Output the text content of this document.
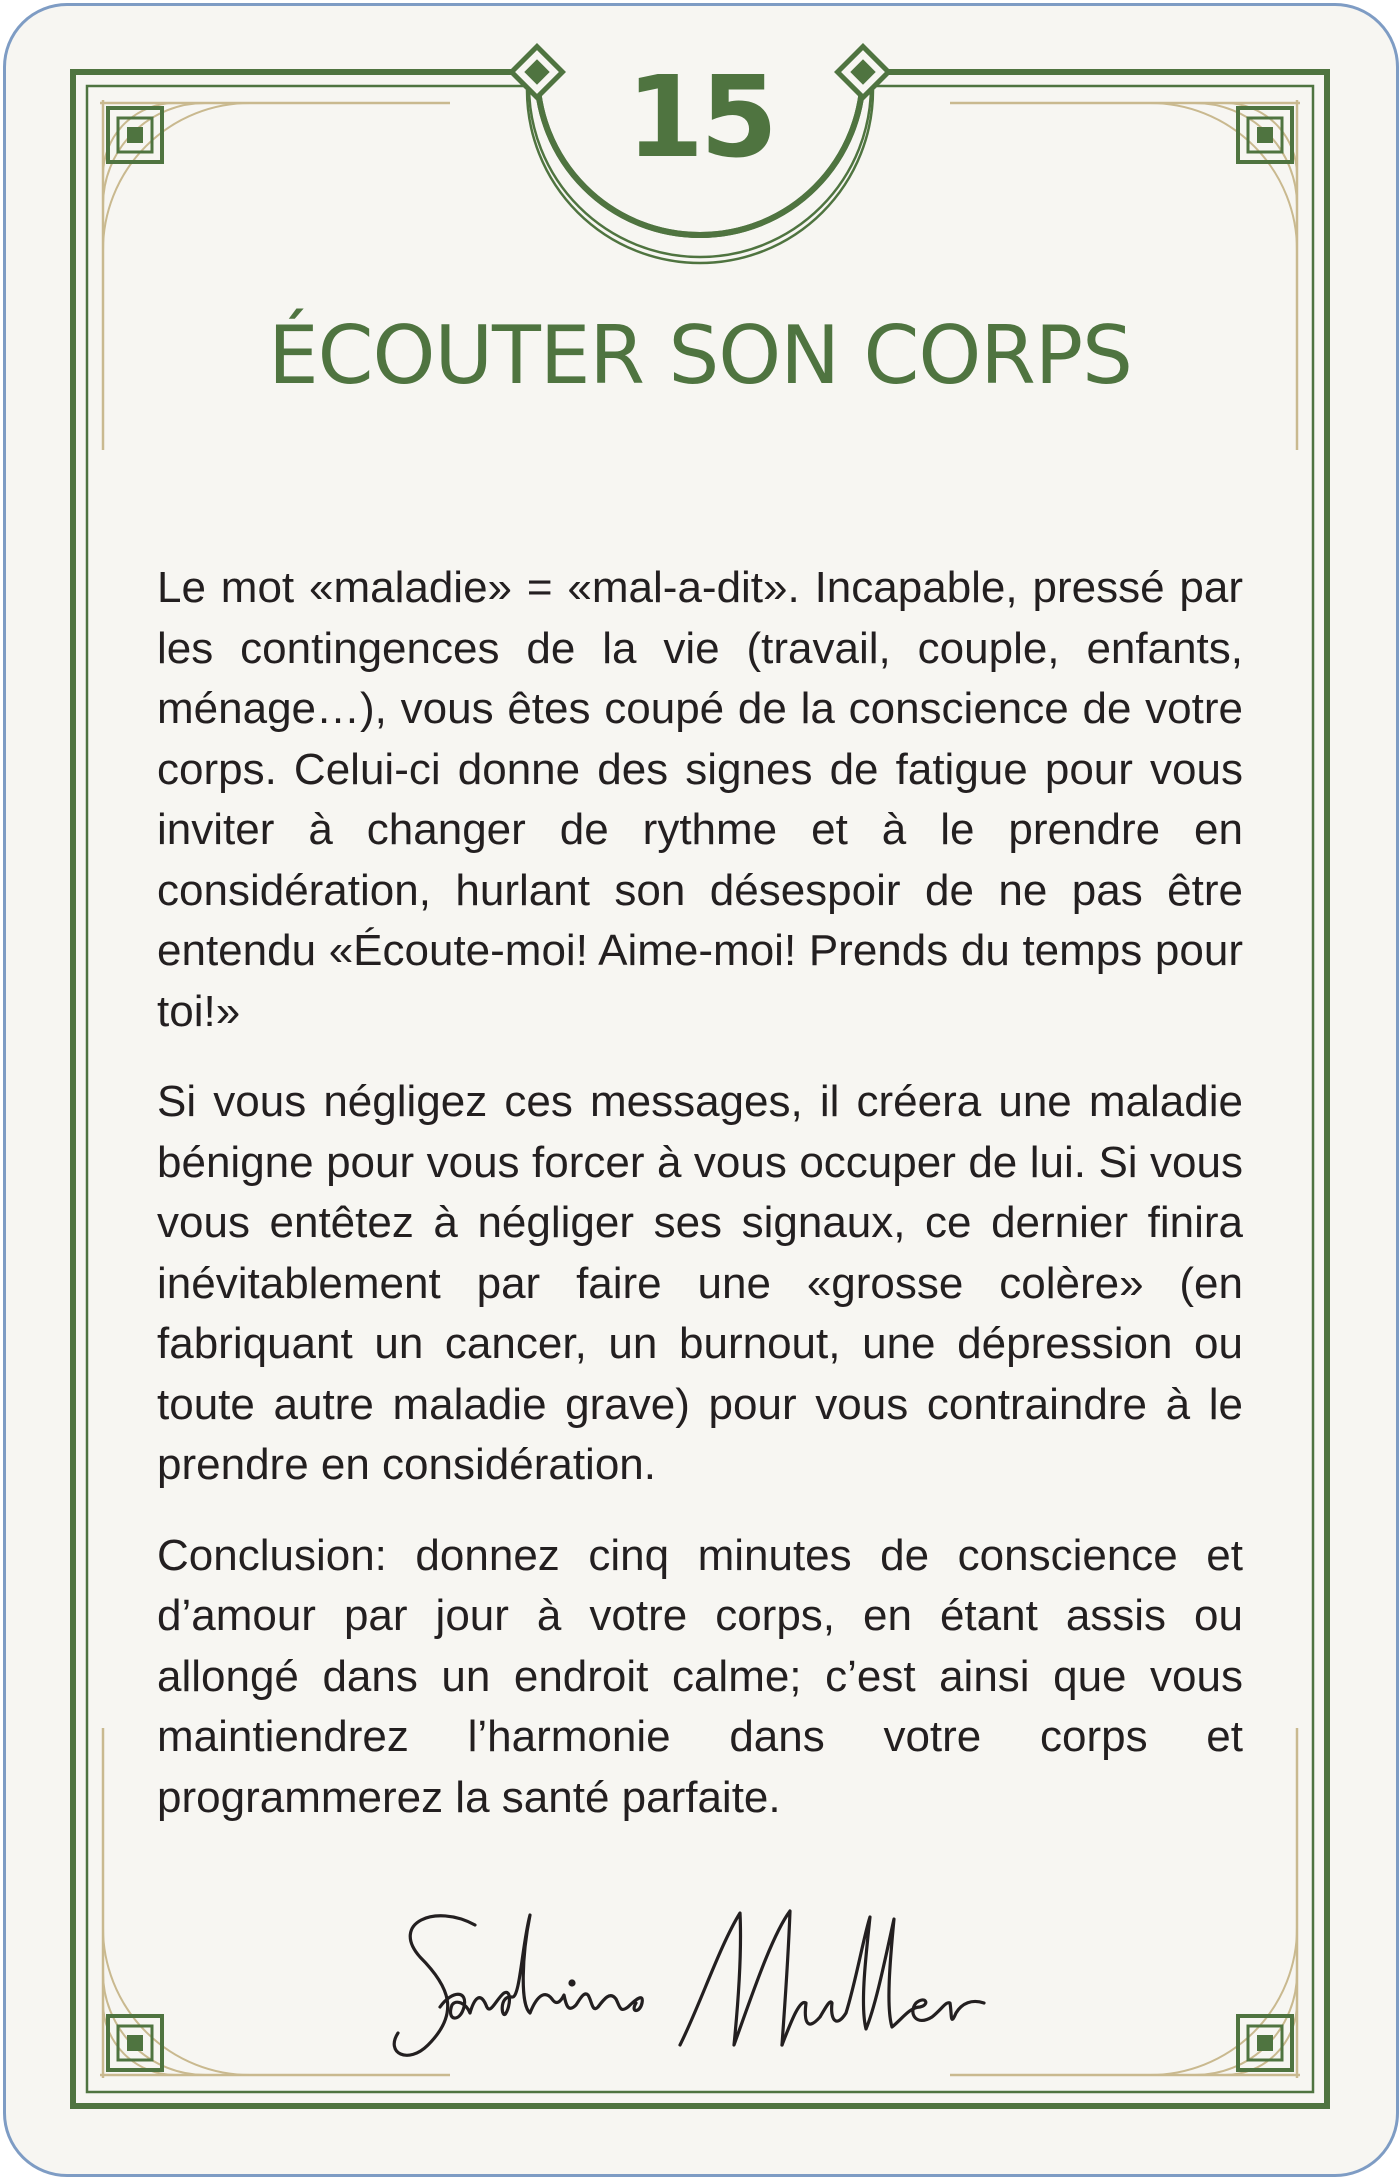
15
ÉCOUTER SON CORPS

Le mot «maladie» = «mal-a-dit». Incapable, pressé par les contingences de la vie (travail, couple, enfants, ménage…), vous êtes coupé de la conscience de votre corps. Celui-ci donne des signes de fatigue pour vous inviter à changer de rythme et à le prendre en considération, hurlant son désespoir de ne pas être entendu «Écoute-moi! Aime-moi! Prends du temps pour toi!»

Si vous négligez ces messages, il créera une maladie bénigne pour vous forcer à vous occuper de lui. Si vous vous entêtez à négliger ses signaux, ce dernier finira inévitablement par faire une «grosse colère» (en fabriquant un cancer, un burnout, une dépression ou toute autre maladie grave) pour vous contraindre à le prendre en considération.

Conclusion: donnez cinq minutes de conscience et d’amour par jour à votre corps, en étant assis ou allongé dans un endroit calme; c’est ainsi que vous maintiendrez l’harmonie dans votre corps et programmerez la santé parfaite.
